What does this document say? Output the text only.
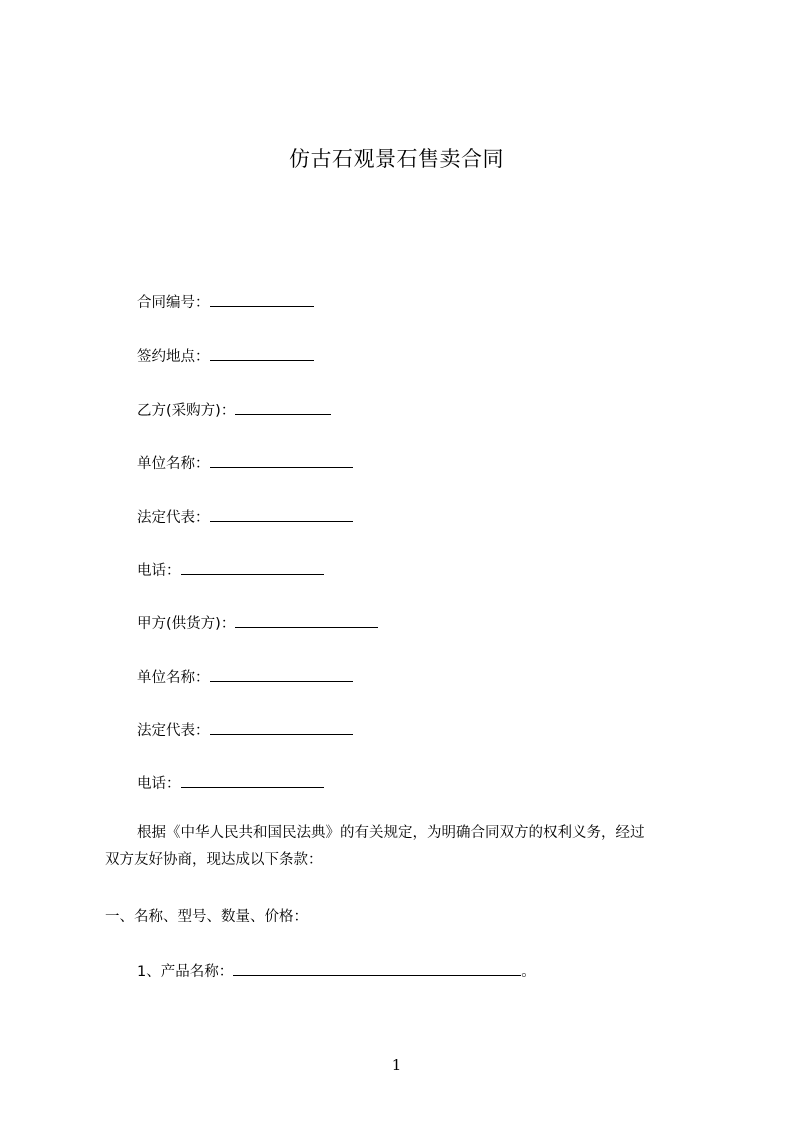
仿古石观景石售卖合同
合同编号：
签约地点：
乙方(采购方)：
单位名称：
法定代表：
电话：
甲方(供货方)：
单位名称：
法定代表：
电话：

根据《中华人民共和国民法典》的有关规定，为明确合同双方的权利义务，经过
双方友好协商，现达成以下条款：

一、名称、型号、数量、价格：
1、产品名称：	。
1
